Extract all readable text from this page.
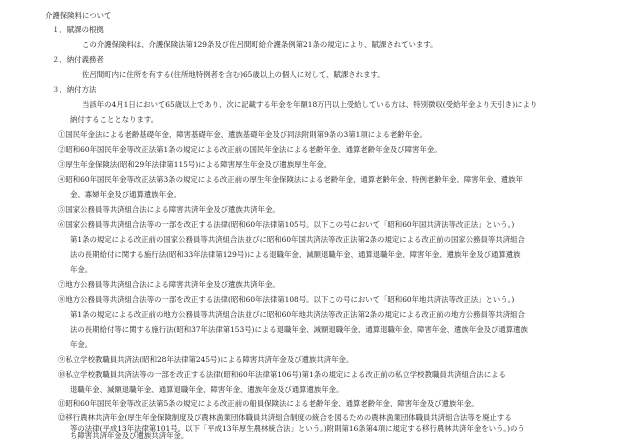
介護保険料について
１．賦課の根拠
この介護保険料は、介護保険法第129条及び佐呂間町給介護条例第21条の規定により、賦課されています。
２．納付義務者
佐呂間町内に住所を有する(住所地特例者を含む)65歳以上の個人に対して、賦課されます。
３．納付方法
当該年の4月1日において65歳以上であり、次に記載する年金を年額18万円以上受給している方は、特別徴収(受給年金より天引き)により
納付することとなります。
①国民年金法による老齢基礎年金、障害基礎年金、遺族基礎年金及び同法附則第9条の3第1項による老齢年金。
②昭和60年国民年金等改正法第1条の規定による改正前の国民年金法による老齢年金、通算老齢年金及び障害年金。
③厚生年金保険法(昭和29年法律第115号)による障害厚生年金及び遺族厚生年金。
④昭和60年国民年金等改正法第3条の規定による改正前の厚生年金保険法による老齢年金、通算老齢年金、特例老齢年金、障害年金、遺族年
金、寡婦年金及び通算遺族年金。
⑤国家公務員等共済組合法による障害共済年金及び遺族共済年金。
⑥国家公務員等共済組合法等の一部を改正する法律(昭和60年法律第105号。以下この号において「昭和60年国共済法等改正法」という。)
第1条の規定による改正前の国家公務員等共済組合法並びに昭和60年国共済法等改正法第2条の規定による改正前の国家公務員等共済組合
法の長期給付に関する施行法(昭和33年法律第129号)による退職年金、減額退職年金、通算退職年金、障害年金、遺族年金及び通算遺族
年金。
⑦地方公務員等共済組合法による障害共済年金及び遺族共済年金。
⑧地方公務員等共済組合法等の一部を改正する法律(昭和60年法律第108号。以下この号において「昭和60年地共済法等改正法」という。)
第1条の規定による改正前の地方公務員等共済組合法並びに昭和60年地共済法等改正法第2条の規定による改正前の地方公務員等共済組合
法の長期給付等に関する施行法(昭和37年法律第153号)による退職年金、減額退職年金、通算退職年金、障害年金、遺族年金及び通算遺族
年金。
⑨私立学校教職員共済法(昭和28年法律第245号)による障害共済年金及び遺族共済年金。
⑩私立学校教職員共済法等の一部を改正する法律(昭和60年法律第106号)第1条の規定による改正前の私立学校教職員共済組合法による
退職年金、減額退職年金、通算退職年金、障害年金、遺族年金及び通算遺族年金。
⑪昭和60年国民年金等改正法第5条の規定による改正前の船員保険法による老齢年金、通算老齢年金、障害年金及び遺族年金。
⑫移行農林共済年金(厚生年金保険制度及び農林漁業団体職員共済組合制度の統合を図るための農林漁業団体職員共済組合法等を廃止する
等の法律(平成13年法律第101号。以下「平成13年厚生農林統合法」という。)附則第16条第4項に規定する移行農林共済年金をいう。)のう
ち障害共済年金及び遺族共済年金。
